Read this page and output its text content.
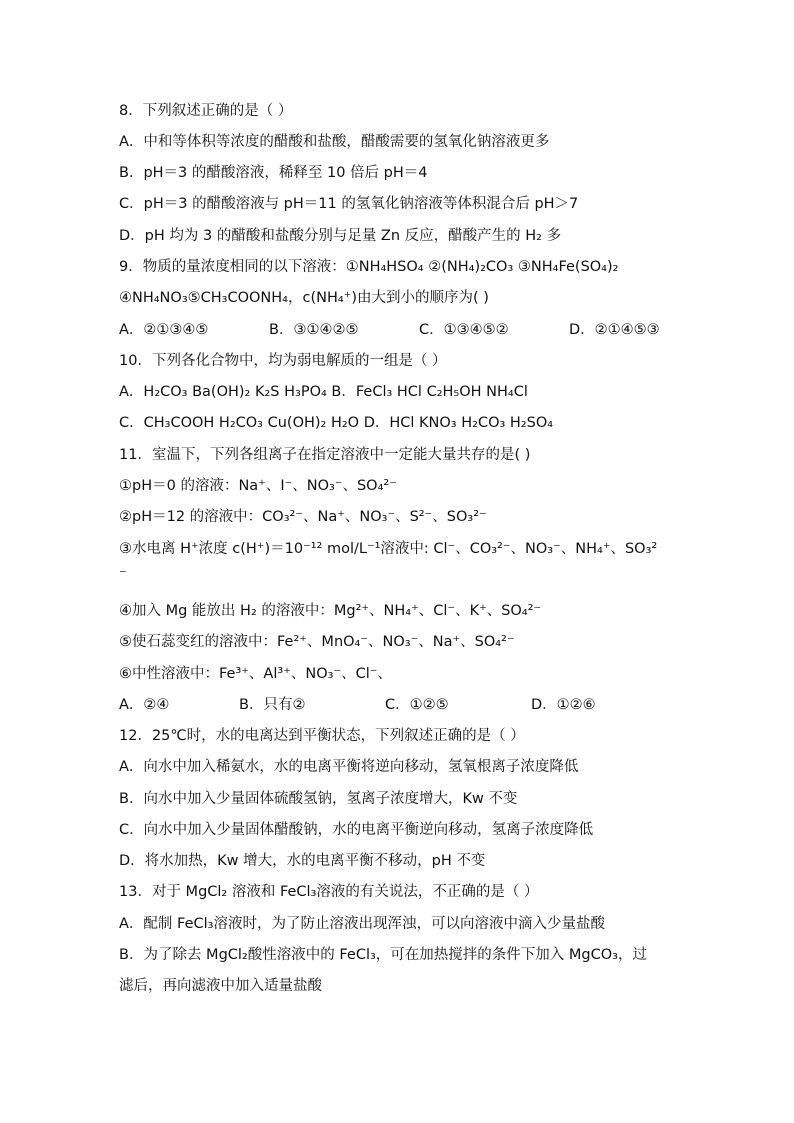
8．下列叙述正确的是（ ）
A．中和等体积等浓度的醋酸和盐酸，醋酸需要的氢氧化钠溶液更多
B．pH＝3 的醋酸溶液，稀释至 10 倍后 pH＝4
C．pH＝3 的醋酸溶液与 pH＝11 的氢氧化钠溶液等体积混合后 pH＞7
D．pH 均为 3 的醋酸和盐酸分别与足量 Zn 反应，醋酸产生的 H₂ 多
9．物质的量浓度相同的以下溶液：①NH₄HSO₄ ②(NH₄)₂CO₃ ③NH₄Fe(SO₄)₂
④NH₄NO₃⑤CH₃COONH₄，c(NH₄⁺)由大到小的顺序为( )
A．②①③④⑤	B．③①④②⑤	C．①③④⑤②	D．②①④⑤③
10．下列各化合物中，均为弱电解质的一组是（ ）
A．H₂CO₃ Ba(OH)₂ K₂S H₃PO₄ B．FeCl₃ HCl C₂H₅OH NH₄Cl
C．CH₃COOH H₂CO₃ Cu(OH)₂ H₂O D．HCl KNO₃ H₂CO₃ H₂SO₄
11．室温下，下列各组离子在指定溶液中一定能大量共存的是( )
①pH＝0 的溶液：Na⁺、I⁻、NO₃⁻、SO₄²⁻
②pH＝12 的溶液中：CO₃²⁻、Na⁺、NO₃⁻、S²⁻、SO₃²⁻
③水电离 H⁺浓度 c(H⁺)＝10⁻¹² mol/L⁻¹溶液中: Cl⁻、CO₃²⁻、NO₃⁻、NH₄⁺、SO₃²
⁻
④加入 Mg 能放出 H₂ 的溶液中：Mg²⁺、NH₄⁺、Cl⁻、K⁺、SO₄²⁻
⑤使石蕊变红的溶液中：Fe²⁺、MnO₄⁻、NO₃⁻、Na⁺、SO₄²⁻
⑥中性溶液中：Fe³⁺、Al³⁺、NO₃⁻、Cl⁻、
A．②④	B．只有②	C．①②⑤	D．①②⑥
12．25℃时，水的电离达到平衡状态，下列叙述正确的是（ ）
A．向水中加入稀氨水，水的电离平衡将逆向移动，氢氧根离子浓度降低
B．向水中加入少量固体硫酸氢钠，氢离子浓度增大，Kw 不变
C．向水中加入少量固体醋酸钠，水的电离平衡逆向移动，氢离子浓度降低
D．将水加热，Kw 增大，水的电离平衡不移动，pH 不变
13．对于 MgCl₂ 溶液和 FeCl₃溶液的有关说法，不正确的是（ ）
A．配制 FeCl₃溶液时，为了防止溶液出现浑浊，可以向溶液中滴入少量盐酸
B．为了除去 MgCl₂酸性溶液中的 FeCl₃，可在加热搅拌的条件下加入 MgCO₃，过
滤后，再向滤液中加入适量盐酸
